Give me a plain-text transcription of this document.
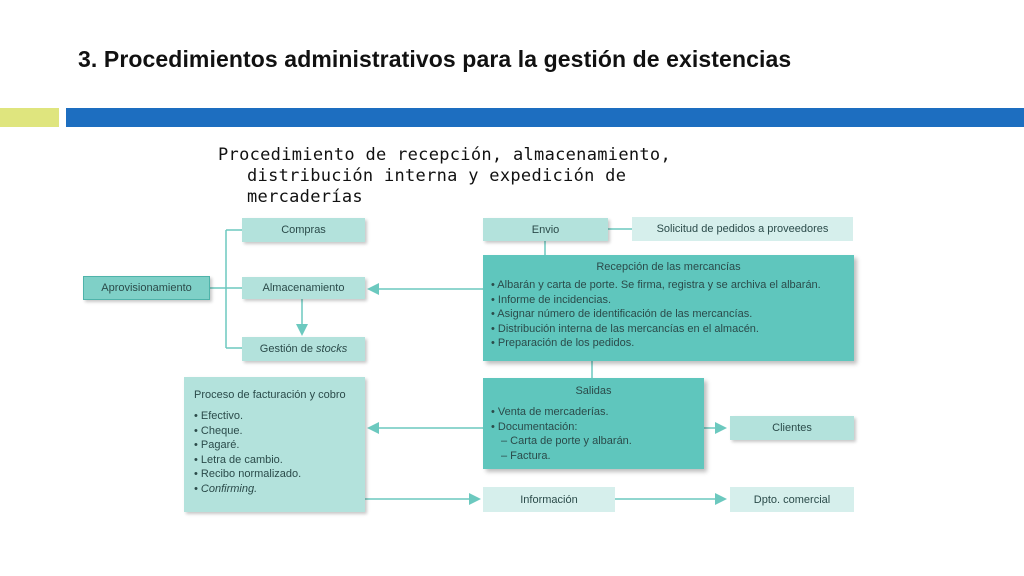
3. Procedimientos administrativos para la gestión de existencias
Procedimiento de recepción, almacenamiento,
distribución interna y expedición de
mercaderías
Compras
Aprovisionamiento	Almacenamiento
Gestión de stocks
Envio	Solicitud de pedidos a proveedores
Recepción de las mercancías
• Albarán y carta de porte. Se firma, registra y se archiva el albarán.
• Informe de incidencias.
• Asignar número de identificación de las mercancías.
• Distribución interna de las mercancías en el almacén.
• Preparación de los pedidos.
Proceso de facturación y cobro
• Efectivo.
• Cheque.
• Pagaré.
• Letra de cambio.
• Recibo normalizado.
• Confirming.
Salidas
• Venta de mercaderías.
• Documentación:
– Carta de porte y albarán.
– Factura.
Clientes
Información	Dpto. comercial
